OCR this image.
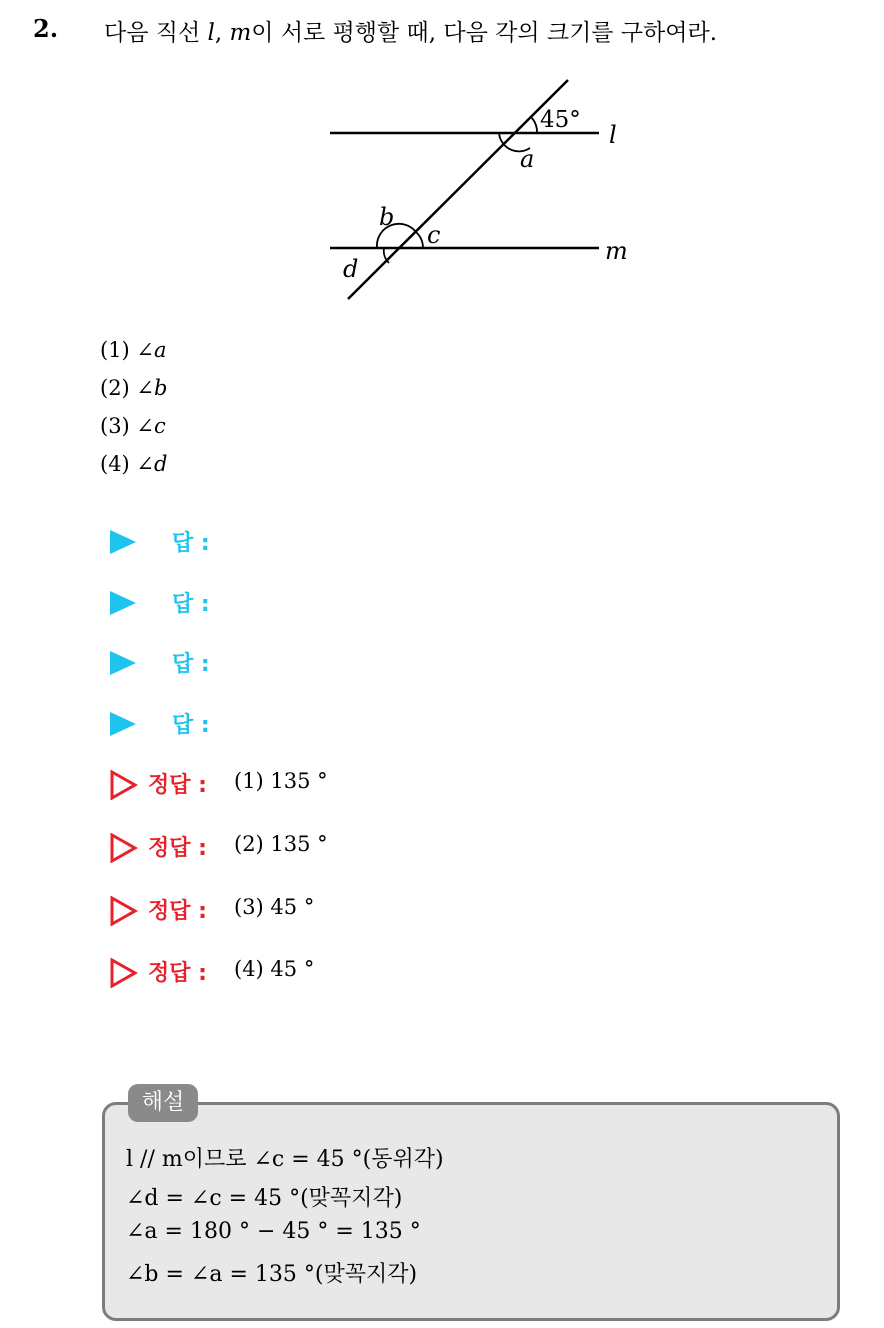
2. 다음 직선 l, m이 서로 평행할 때, 다음 각의 크기를 구하여라.
45°
a
b
c
d
l
m
(1) ∠a
(2) ∠b
(3) ∠c
(4) ∠d
답 :
답 :
답 :
답 :
정답 : (1) 135 °
정답 : (2) 135 °
정답 : (3) 45 °
정답 : (4) 45 °
해설
l // m이므로 ∠c = 45 °(동위각)
∠d = ∠c = 45 °(맞꼭지각)
∠a = 180 ° − 45 ° = 135 °
∠b = ∠a = 135 °(맞꼭지각)
